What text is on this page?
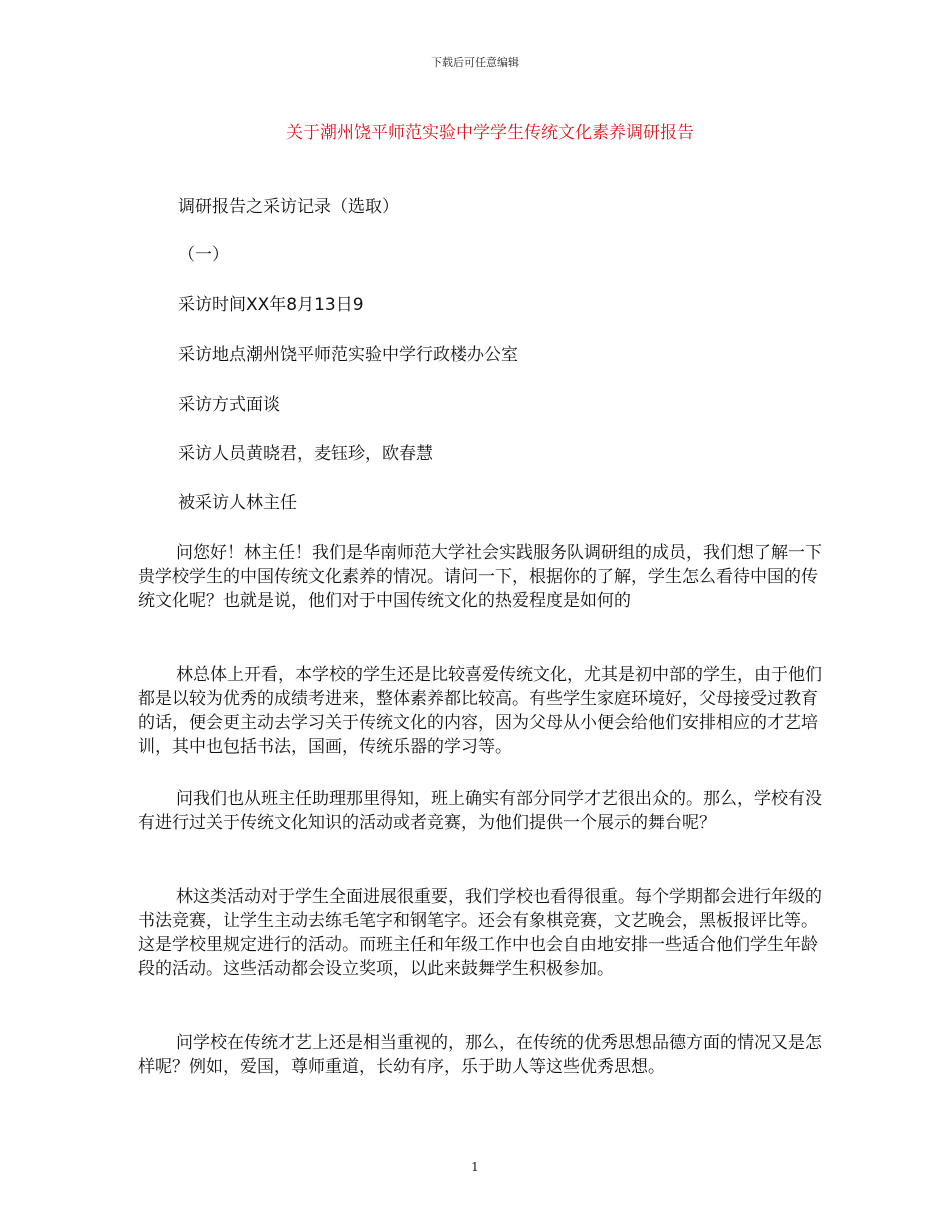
下载后可任意编辑
关于潮州饶平师范实验中学学生传统文化素养调研报告

调研报告之采访记录（选取）

（一）

采访时间XX年8月13日9

采访地点潮州饶平师范实验中学行政楼办公室

采访方式面谈

采访人员黄晓君，麦钰珍，欧春慧

被采访人林主任

问您好！林主任！我们是华南师范大学社会实践服务队调研组的成员，我们想了解一下贵学校学生的中国传统文化素养的情况。请问一下，根据你的了解，学生怎么看待中国的传统文化呢？也就是说，他们对于中国传统文化的热爱程度是如何的

林总体上开看，本学校的学生还是比较喜爱传统文化，尤其是初中部的学生，由于他们都是以较为优秀的成绩考进来，整体素养都比较高。有些学生家庭环境好，父母接受过教育的话，便会更主动去学习关于传统文化的内容，因为父母从小便会给他们安排相应的才艺培训，其中也包括书法，国画，传统乐器的学习等。

问我们也从班主任助理那里得知，班上确实有部分同学才艺很出众的。那么，学校有没有进行过关于传统文化知识的活动或者竞赛，为他们提供一个展示的舞台呢？

林这类活动对于学生全面进展很重要，我们学校也看得很重。每个学期都会进行年级的书法竞赛，让学生主动去练毛笔字和钢笔字。还会有象棋竞赛，文艺晚会，黑板报评比等。这是学校里规定进行的活动。而班主任和年级工作中也会自由地安排一些适合他们学生年龄段的活动。这些活动都会设立奖项，以此来鼓舞学生积极参加。

问学校在传统才艺上还是相当重视的，那么，在传统的优秀思想品德方面的情况又是怎样呢？例如，爱国，尊师重道，长幼有序，乐于助人等这些优秀思想。

1
